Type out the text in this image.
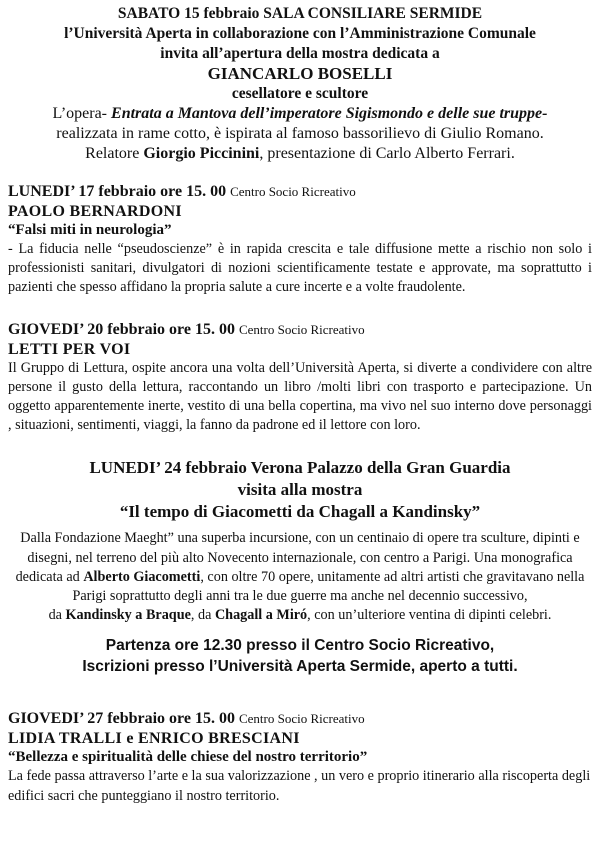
SABATO 15 febbraio SALA CONSILIARE SERMIDE
l’Università Aperta in collaborazione con l’Amministrazione Comunale
invita all’apertura della mostra dedicata a
GIANCARLO BOSELLI
cesellatore e scultore
L’opera- Entrata a Mantova dell’imperatore Sigismondo e delle sue truppe-
realizzata in rame cotto, è ispirata al famoso bassorilievo di Giulio Romano.
Relatore Giorgio Piccinini, presentazione di Carlo Alberto Ferrari.
LUNEDI’ 17 febbraio ore 15. 00 Centro Socio Ricreativo
PAOLO BERNARDONI
“Falsi miti in neurologia”
- La fiducia nelle “pseudoscienze” è in rapida crescita e tale diffusione mette a rischio non solo i professionisti sanitari, divulgatori di nozioni scientificamente testate e approvate, ma soprattutto i pazienti che spesso affidano la propria salute a cure incerte e a volte fraudolente.
GIOVEDI’ 20 febbraio ore 15. 00 Centro Socio Ricreativo
LETTI PER VOI
Il Gruppo di Lettura, ospite ancora una volta dell’Università Aperta, si diverte a condividere con altre persone il gusto della lettura, raccontando un libro /molti libri con trasporto e partecipazione. Un oggetto apparentemente inerte, vestito di una bella copertina, ma vivo nel suo interno dove personaggi , situazioni, sentimenti, viaggi, la fanno da padrone ed il lettore con loro.
LUNEDI’ 24 febbraio Verona Palazzo della Gran Guardia
visita alla mostra
“Il tempo di Giacometti da Chagall a Kandinsky”
Dalla Fondazione Maeght” una superba incursione, con un centinaio di opere tra sculture, dipinti e
disegni, nel terreno del più alto Novecento internazionale, con centro a Parigi. Una monografica
dedicata ad Alberto Giacometti, con oltre 70 opere, unitamente ad altri artisti che gravitavano nella
Parigi soprattutto degli anni tra le due guerre ma anche nel decennio successivo,
da Kandinsky a Braque, da Chagall a Miró, con un’ulteriore ventina di dipinti celebri.
Partenza ore 12.30 presso il Centro Socio Ricreativo,
Iscrizioni presso l’Università Aperta Sermide, aperto a tutti.
GIOVEDI’ 27 febbraio ore 15. 00 Centro Socio Ricreativo
LIDIA TRALLI e ENRICO BRESCIANI
“Bellezza e spiritualità delle chiese del nostro territorio”
La fede passa attraverso l’arte e la sua valorizzazione , un vero e proprio itinerario alla riscoperta degli edifici sacri che punteggiano il nostro territorio.
